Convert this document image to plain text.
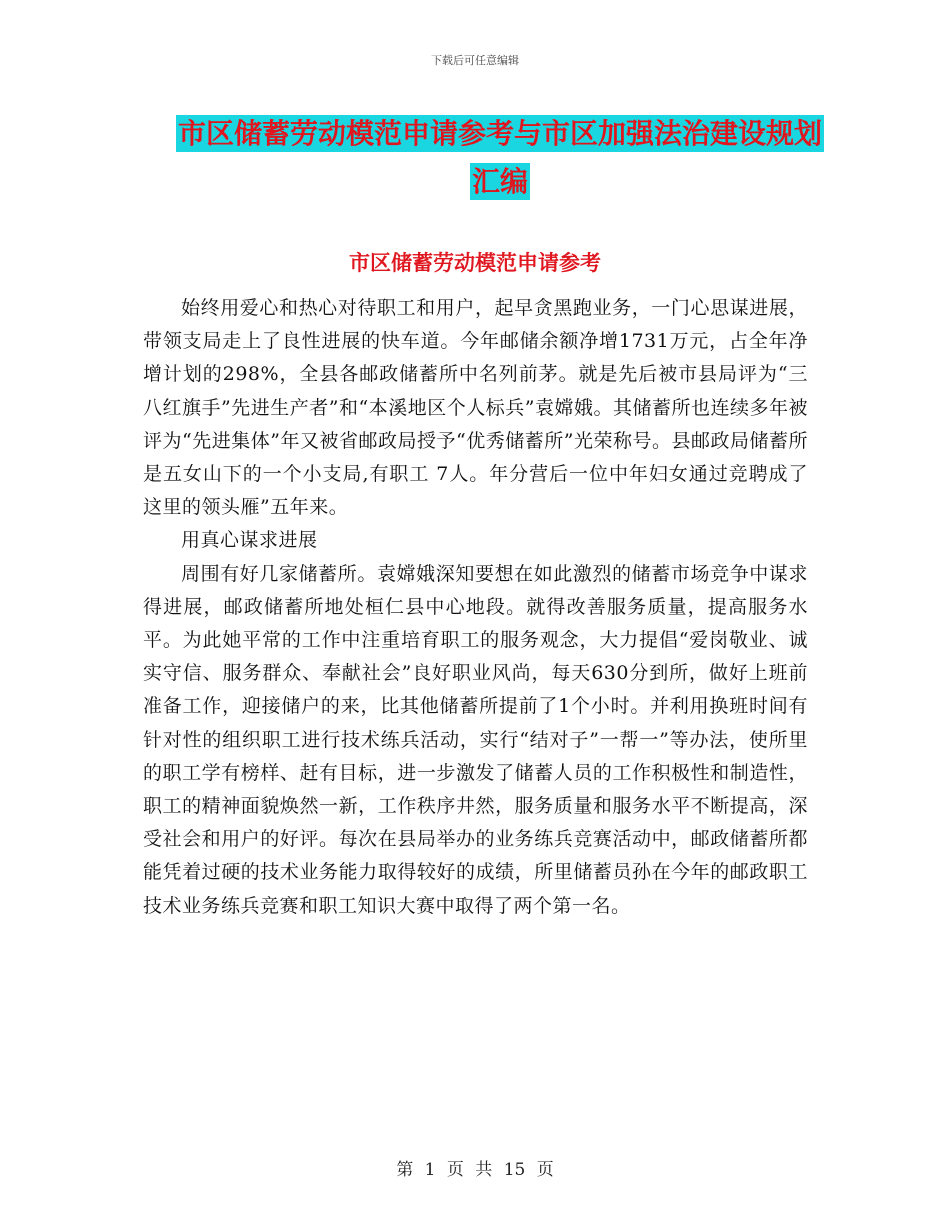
下载后可任意编辑
市区储蓄劳动模范申请参考与市区加强法治建设规划
汇编
市区储蓄劳动模范申请参考

始终用爱心和热心对待职工和用户，起早贪黑跑业务，一门心思谋进展，带领支局走上了良性进展的快车道。今年邮储余额净增1731万元，占全年净增计划的298%，全县各邮政储蓄所中名列前茅。就是先后被市县局评为“三八红旗手”先进生产者”和“本溪地区个人标兵”袁嫦娥。其储蓄所也连续多年被评为“先进集体”年又被省邮政局授予“优秀储蓄所”光荣称号。县邮政局储蓄所是五女山下的一个小支局,有职工 7人。年分营后一位中年妇女通过竞聘成了这里的领头雁”五年来。

用真心谋求进展

周围有好几家储蓄所。袁嫦娥深知要想在如此激烈的储蓄市场竞争中谋求得进展，邮政储蓄所地处桓仁县中心地段。就得改善服务质量，提高服务水平。为此她平常的工作中注重培育职工的服务观念，大力提倡“爱岗敬业、诚实守信、服务群众、奉献社会”良好职业风尚，每天630分到所，做好上班前准备工作，迎接储户的来，比其他储蓄所提前了1个小时。并利用换班时间有针对性的组织职工进行技术练兵活动，实行“结对子”一帮一”等办法，使所里的职工学有榜样、赶有目标，进一步激发了储蓄人员的工作积极性和制造性，职工的精神面貌焕然一新，工作秩序井然，服务质量和服务水平不断提高，深受社会和用户的好评。每次在县局举办的业务练兵竞赛活动中，邮政储蓄所都能凭着过硬的技术业务能力取得较好的成绩，所里储蓄员孙在今年的邮政职工技术业务练兵竞赛和职工知识大赛中取得了两个第一名。

第 1 页 共 15 页
